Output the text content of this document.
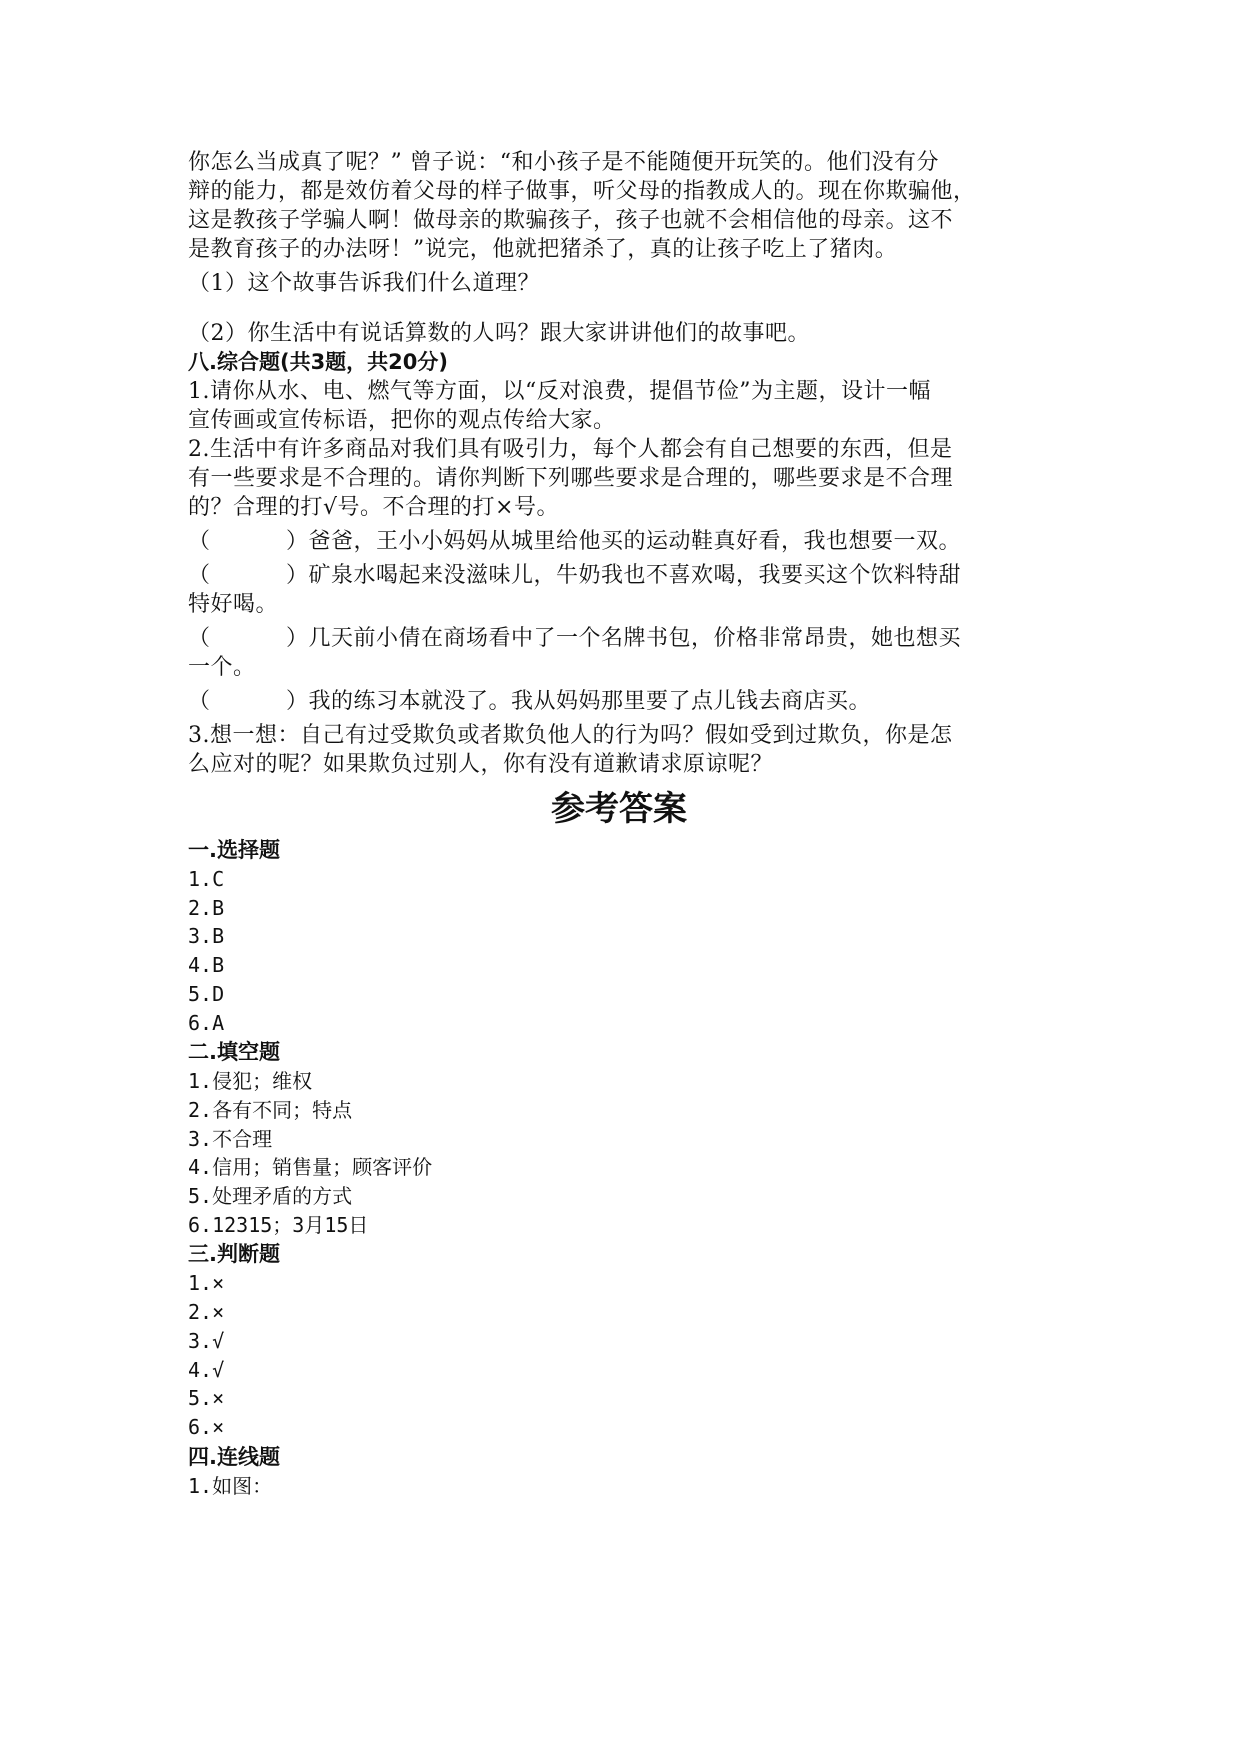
你怎么当成真了呢？” 曾子说：“和小孩子是不能随便开玩笑的。他们没有分

辩的能力，都是效仿着父母的样子做事，听父母的指教成人的。现在你欺骗他，

这是教孩子学骗人啊！做母亲的欺骗孩子，孩子也就不会相信他的母亲。这不

是教育孩子的办法呀！”说完，他就把猪杀了，真的让孩子吃上了猪肉。

（1）这个故事告诉我们什么道理？

（2）你生活中有说话算数的人吗？跟大家讲讲他们的故事吧。

八.综合题(共3题，共20分)

1.请你从水、电、燃气等方面，以“反对浪费，提倡节俭”为主题，设计一幅

宣传画或宣传标语，把你的观点传给大家。

2.生活中有许多商品对我们具有吸引力，每个人都会有自己想要的东西，但是

有一些要求是不合理的。请你判断下列哪些要求是合理的，哪些要求是不合理

的？合理的打√号。不合理的打×号。

（	）爸爸，王小小妈妈从城里给他买的运动鞋真好看，我也想要一双。

（	）矿泉水喝起来没滋味儿，牛奶我也不喜欢喝，我要买这个饮料特甜

特好喝。

（	）几天前小倩在商场看中了一个名牌书包，价格非常昂贵，她也想买

一个。

（	）我的练习本就没了。我从妈妈那里要了点儿钱去商店买。

3.想一想：自己有过受欺负或者欺负他人的行为吗？假如受到过欺负，你是怎

么应对的呢？如果欺负过别人，你有没有道歉请求原谅呢？

参考答案

一.选择题

1.C

2.B

3.B

4.B

5.D

6.A

二.填空题

1.侵犯；维权

2.各有不同；特点

3.不合理

4.信用；销售量；顾客评价

5.处理矛盾的方式

6.12315；3月15日

三.判断题

1.×

2.×

3.√

4.√

5.×

6.×

四.连线题

1.如图：
